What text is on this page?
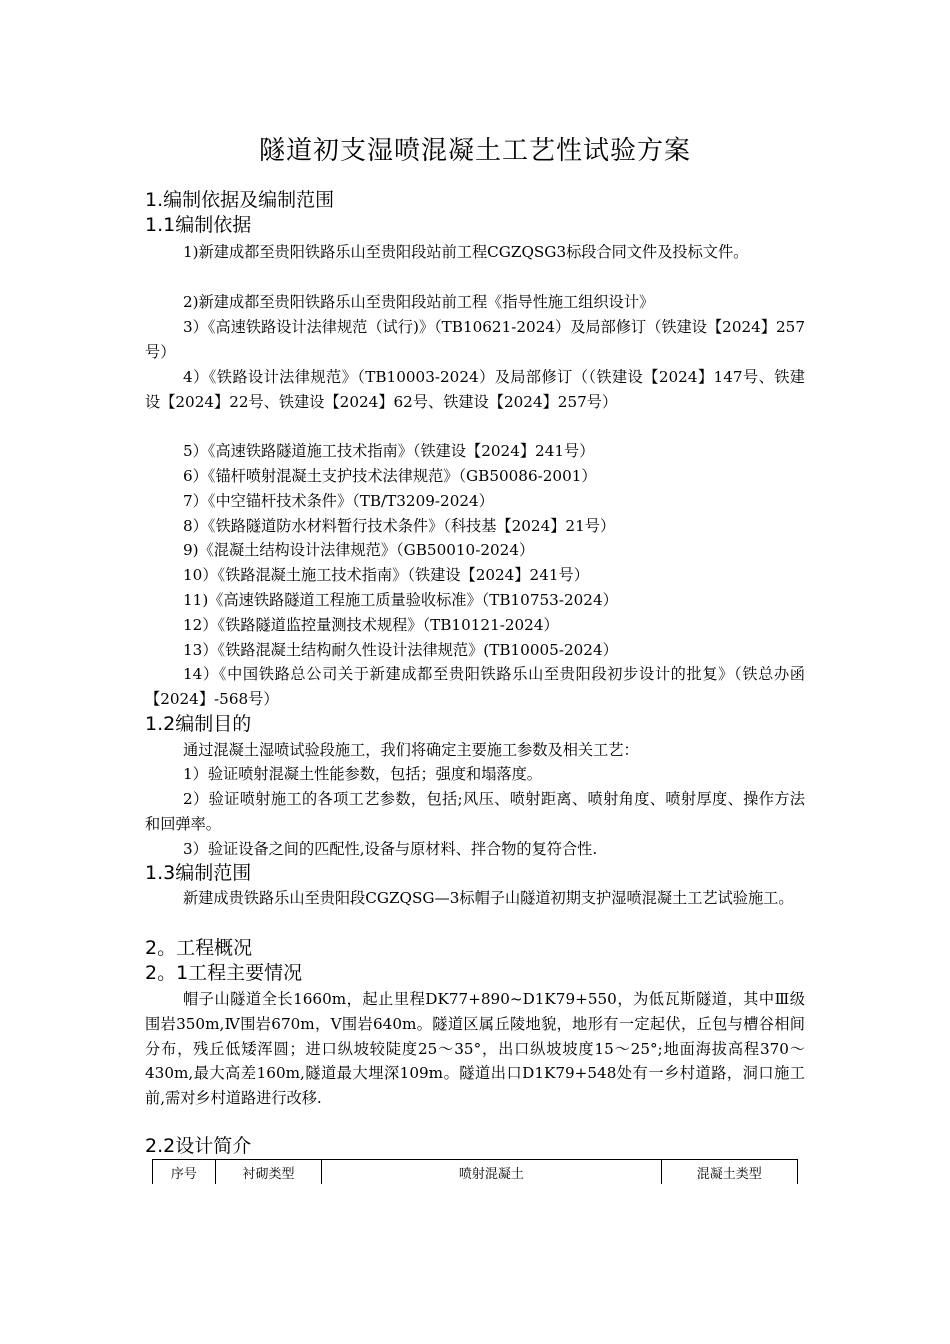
隧道初支湿喷混凝土工艺性试验方案
1.编制依据及编制范围
1.1编制依据

1)新建成都至贵阳铁路乐山至贵阳段站前工程CGZQSG3标段合同文件及投标文件。

2)新建成都至贵阳铁路乐山至贵阳段站前工程《指导性施工组织设计》

3）《高速铁路设计法律规范（试行)》（TB10621-2024）及局部修订（铁建设【2024】257号）

4）《铁路设计法律规范》（TB10003-2024）及局部修订（（铁建设【2024】147号、铁建设【2024】22号、铁建设【2024】62号、铁建设【2024】257号）

5）《高速铁路隧道施工技术指南》（铁建设【2024】241号）

6）《锚杆喷射混凝土支护技术法律规范》（GB50086-2001）

7）《中空锚杆技术条件》（TB/T3209-2024）

8）《铁路隧道防水材料暂行技术条件》（科技基【2024】21号）

9)《混凝土结构设计法律规范》（GB50010-2024）

10）《铁路混凝土施工技术指南》（铁建设【2024】241号）

11)《高速铁路隧道工程施工质量验收标准》（TB10753-2024）

12）《铁路隧道监控量测技术规程》（TB10121-2024）

13）《铁路混凝土结构耐久性设计法律规范》(TB10005-2024）

14）《中国铁路总公司关于新建成都至贵阳铁路乐山至贵阳段初步设计的批复》（铁总办函【2024】-568号）

1.2编制目的

通过混凝土湿喷试验段施工，我们将确定主要施工参数及相关工艺：

1）验证喷射混凝土性能参数，包括；强度和塌落度。

2）验证喷射施工的各项工艺参数，包括;风压、喷射距离、喷射角度、喷射厚度、操作方法和回弹率。

3）验证设备之间的匹配性,设备与原材料、拌合物的复符合性.

1.3编制范围

新建成贵铁路乐山至贵阳段CGZQSG—3标帽子山隧道初期支护湿喷混凝土工艺试验施工。

2。工程概况
2。1工程主要情况

帽子山隧道全长1660m，起止里程DK77+890~D1K79+550，为低瓦斯隧道，其中Ⅲ级围岩350m,Ⅳ围岩670m，Ⅴ围岩640m。隧道区属丘陵地貌，地形有一定起伏，丘包与槽谷相间分布，残丘低矮浑圆；进口纵坡较陡度25～35°，出口纵坡坡度15～25°;地面海拔高程370～430m,最大高差160m,隧道最大埋深109m。隧道出口D1K79+548处有一乡村道路，洞口施工前,需对乡村道路进行改移.

2.2设计简介
序号	衬砌类型	喷射混凝土	混凝土类型
